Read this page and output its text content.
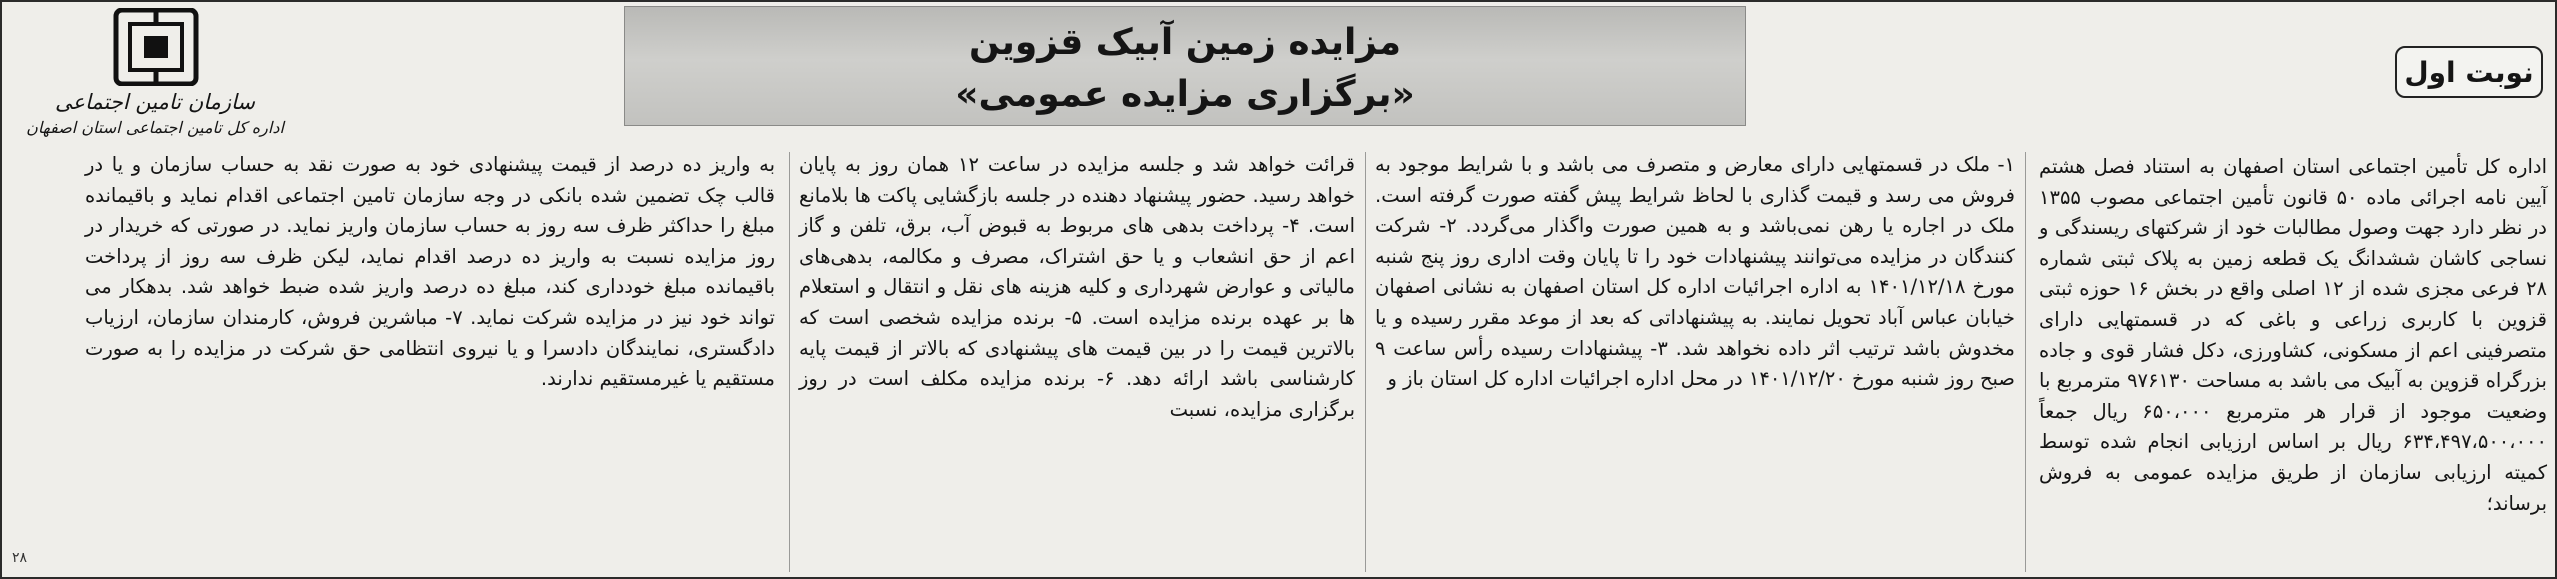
سازمان تامین اجتماعی
اداره کل تامین اجتماعی استان اصفهان
مزایده زمین آبیک قزوین
«برگزاری مزایده عمومی»
نوبت اول

اداره کل تأمین اجتماعی استان اصفهان به استناد فصل هشتم آیین نامه اجرائی ماده ۵۰ قانون تأمین اجتماعی مصوب ۱۳۵۵ در نظر دارد جهت وصول مطالبات خود از شرکتهای ریسندگی و نساجی کاشان ششدانگ یک قطعه زمین به پلاک ثبتی شماره ۲۸ فرعی مجزی شده از ۱۲ اصلی واقع در بخش ۱۶ حوزه ثبتی قزوین با کاربری زراعی و باغی که در قسمتهایی دارای متصرفینی اعم از مسکونی، کشاورزی، دکل فشار قوی و جاده بزرگراه قزوین به آبیک می باشد به مساحت ۹۷۶۱۳۰ مترمربع با وضعیت موجود از قرار هر مترمربع ۶۵۰،۰۰۰ ریال جمعاً ۶۳۴،۴۹۷،۵۰۰،۰۰۰ ریال بر اساس ارزیابی انجام شده توسط کمیته ارزیابی سازمان از طریق مزایده عمومی به فروش برساند؛

۱- ملک در قسمتهایی دارای معارض و متصرف می باشد و با شرایط موجود به فروش می رسد و قیمت گذاری با لحاظ شرایط پیش گفته صورت گرفته است. ملک در اجاره یا رهن نمی‌باشد و به همین صورت واگذار می‌گردد. ۲- شرکت کنندگان در مزایده می‌توانند پیشنهادات خود را تا پایان وقت اداری روز پنج شنبه مورخ ۱۴۰۱/۱۲/۱۸ به اداره اجرائیات اداره کل استان اصفهان به نشانی اصفهان خیابان عباس آباد تحویل نمایند. به پیشنهاداتی که بعد از موعد مقرر رسیده و یا مخدوش باشد ترتیب اثر داده نخواهد شد. ۳- پیشنهادات رسیده رأس ساعت ۹ صبح روز شنبه مورخ ۱۴۰۱/۱۲/۲۰ در محل اداره اجرائیات اداره کل استان باز و

قرائت خواهد شد و جلسه مزایده در ساعت ۱۲ همان روز به پایان خواهد رسید. حضور پیشنهاد دهنده در جلسه بازگشایی پاکت ها بلامانع است. ۴- پرداخت بدهی های مربوط به قبوض آب، برق، تلفن و گاز اعم از حق انشعاب و یا حق اشتراک، مصرف و مکالمه، بدهی‌های مالیاتی و عوارض شهرداری و کلیه هزینه های نقل و انتقال و استعلام ها بر عهده برنده مزایده است. ۵- برنده مزایده شخصی است که بالاترین قیمت را در بین قیمت های پیشنهادی که بالاتر از قیمت پایه کارشناسی باشد ارائه دهد. ۶- برنده مزایده مکلف است در روز برگزاری مزایده، نسبت

به واریز ده درصد از قیمت پیشنهادی خود به صورت نقد به حساب سازمان و یا در قالب چک تضمین شده بانکی در وجه سازمان تامین اجتماعی اقدام نماید و باقیمانده مبلغ را حداکثر ظرف سه روز به حساب سازمان واریز نماید. در صورتی که خریدار در روز مزایده نسبت به واریز ده درصد اقدام نماید، لیکن ظرف سه روز از پرداخت باقیمانده مبلغ خودداری کند، مبلغ ده درصد واریز شده ضبط خواهد شد. بدهکار می تواند خود نیز در مزایده شرکت نماید. ۷- مباشرین فروش، کارمندان سازمان، ارزیاب دادگستری، نمایندگان دادسرا و یا نیروی انتظامی حق شرکت در مزایده را به صورت مستقیم یا غیرمستقیم ندارند.

۲۸
